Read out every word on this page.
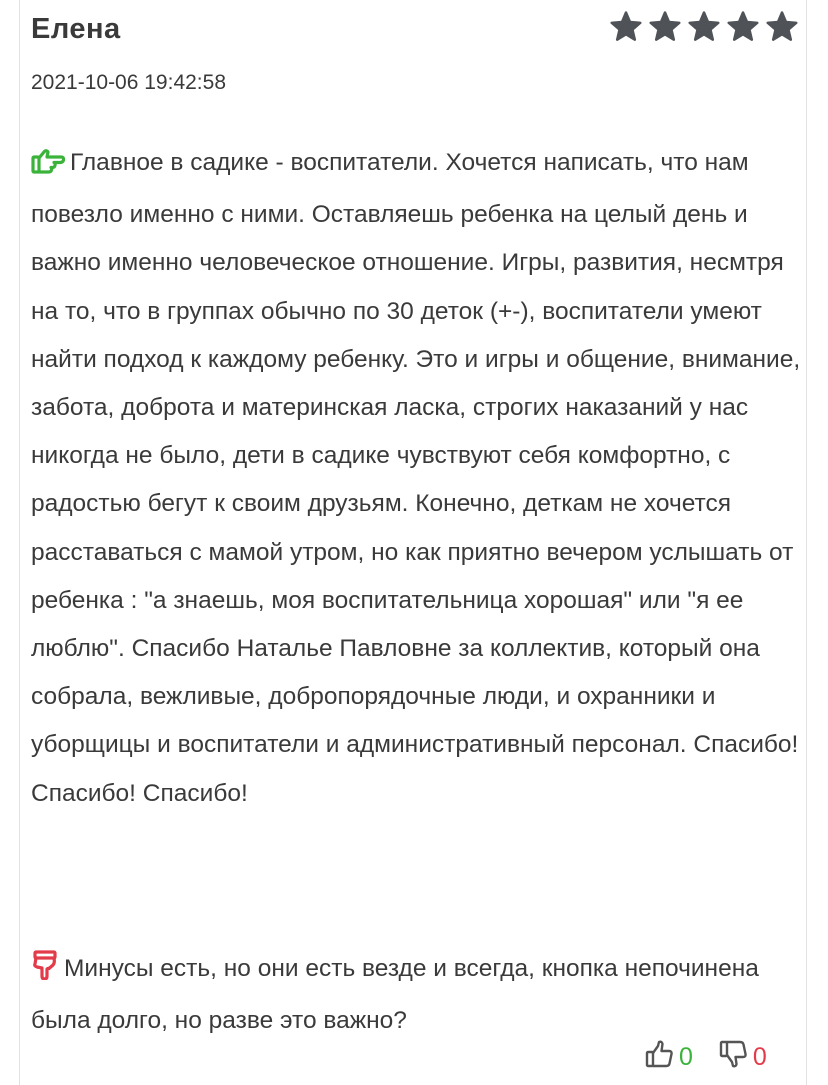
Елена
2021-10-06 19:42:58
Главное в садике - воспитатели. Хочется написать, что нам повезло именно с ними. Оставляешь ребенка на целый день и важно именно человеческое отношение. Игры, развития, несмтря на то, что в группах обычно по 30 деток (+-), воспитатели умеют найти подход к каждому ребенку. Это и игры и общение, внимание, забота, доброта и материнская ласка, строгих наказаний у нас никогда не было, дети в садике чувствуют себя комфортно, с радостью бегут к своим друзьям. Конечно, деткам не хочется расставаться с мамой утром, но как приятно вечером услышать от ребенка : "а знаешь, моя воспитательница хорошая" или "я ее люблю". Спасибо Наталье Павловне за коллектив, который она собрала, вежливые, добропорядочные люди, и охранники и уборщицы и воспитатели и административный персонал. Спасибо! Спасибо! Спасибо!
Минусы есть, но они есть везде и всегда, кнопка непочинена была долго, но разве это важно?
0 0
